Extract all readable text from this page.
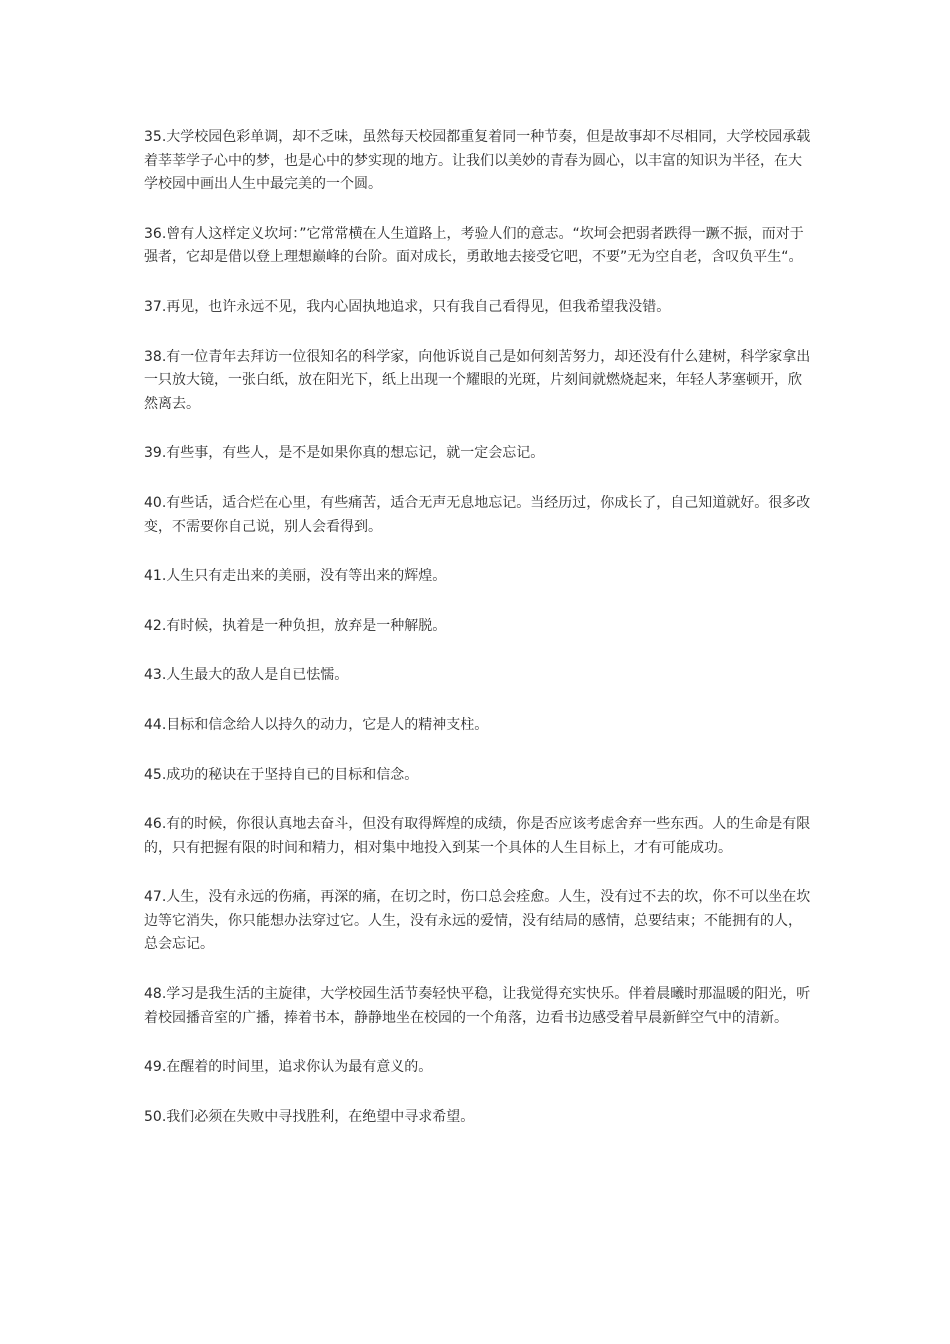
35.大学校园色彩单调，却不乏味，虽然每天校园都重复着同一种节奏，但是故事却不尽相同，大学校园承载着莘莘学子心中的梦，也是心中的梦实现的地方。让我们以美妙的青春为圆心，以丰富的知识为半径，在大学校园中画出人生中最完美的一个圆。

36.曾有人这样定义坎坷：”它常常横在人生道路上，考验人们的意志。“坎坷会把弱者跌得一蹶不振，而对于强者，它却是借以登上理想巅峰的台阶。面对成长，勇敢地去接受它吧，不要”无为空自老，含叹负平生“。

37.再见，也许永远不见，我内心固执地追求，只有我自己看得见，但我希望我没错。

38.有一位青年去拜访一位很知名的科学家，向他诉说自己是如何刻苦努力，却还没有什么建树，科学家拿出一只放大镜，一张白纸，放在阳光下，纸上出现一个耀眼的光斑，片刻间就燃烧起来，年轻人茅塞顿开，欣然离去。

39.有些事，有些人，是不是如果你真的想忘记，就一定会忘记。

40.有些话，适合烂在心里，有些痛苦，适合无声无息地忘记。当经历过，你成长了，自己知道就好。很多改变，不需要你自己说，别人会看得到。

41.人生只有走出来的美丽，没有等出来的辉煌。

42.有时候，执着是一种负担，放弃是一种解脱。

43.人生最大的敌人是自已怯懦。

44.目标和信念给人以持久的动力，它是人的精神支柱。

45.成功的秘诀在于坚持自已的目标和信念。

46.有的时候，你很认真地去奋斗，但没有取得辉煌的成绩，你是否应该考虑舍弃一些东西。人的生命是有限的，只有把握有限的时间和精力，相对集中地投入到某一个具体的人生目标上，才有可能成功。

47.人生，没有永远的伤痛，再深的痛，在切之时，伤口总会痊愈。人生，没有过不去的坎，你不可以坐在坎边等它消失，你只能想办法穿过它。人生，没有永远的爱情，没有结局的感情，总要结束；不能拥有的人，总会忘记。

48.学习是我生活的主旋律，大学校园生活节奏轻快平稳，让我觉得充实快乐。伴着晨曦时那温暖的阳光，听着校园播音室的广播，捧着书本，静静地坐在校园的一个角落，边看书边感受着早晨新鲜空气中的清新。

49.在醒着的时间里，追求你认为最有意义的。

50.我们必须在失败中寻找胜利，在绝望中寻求希望。
